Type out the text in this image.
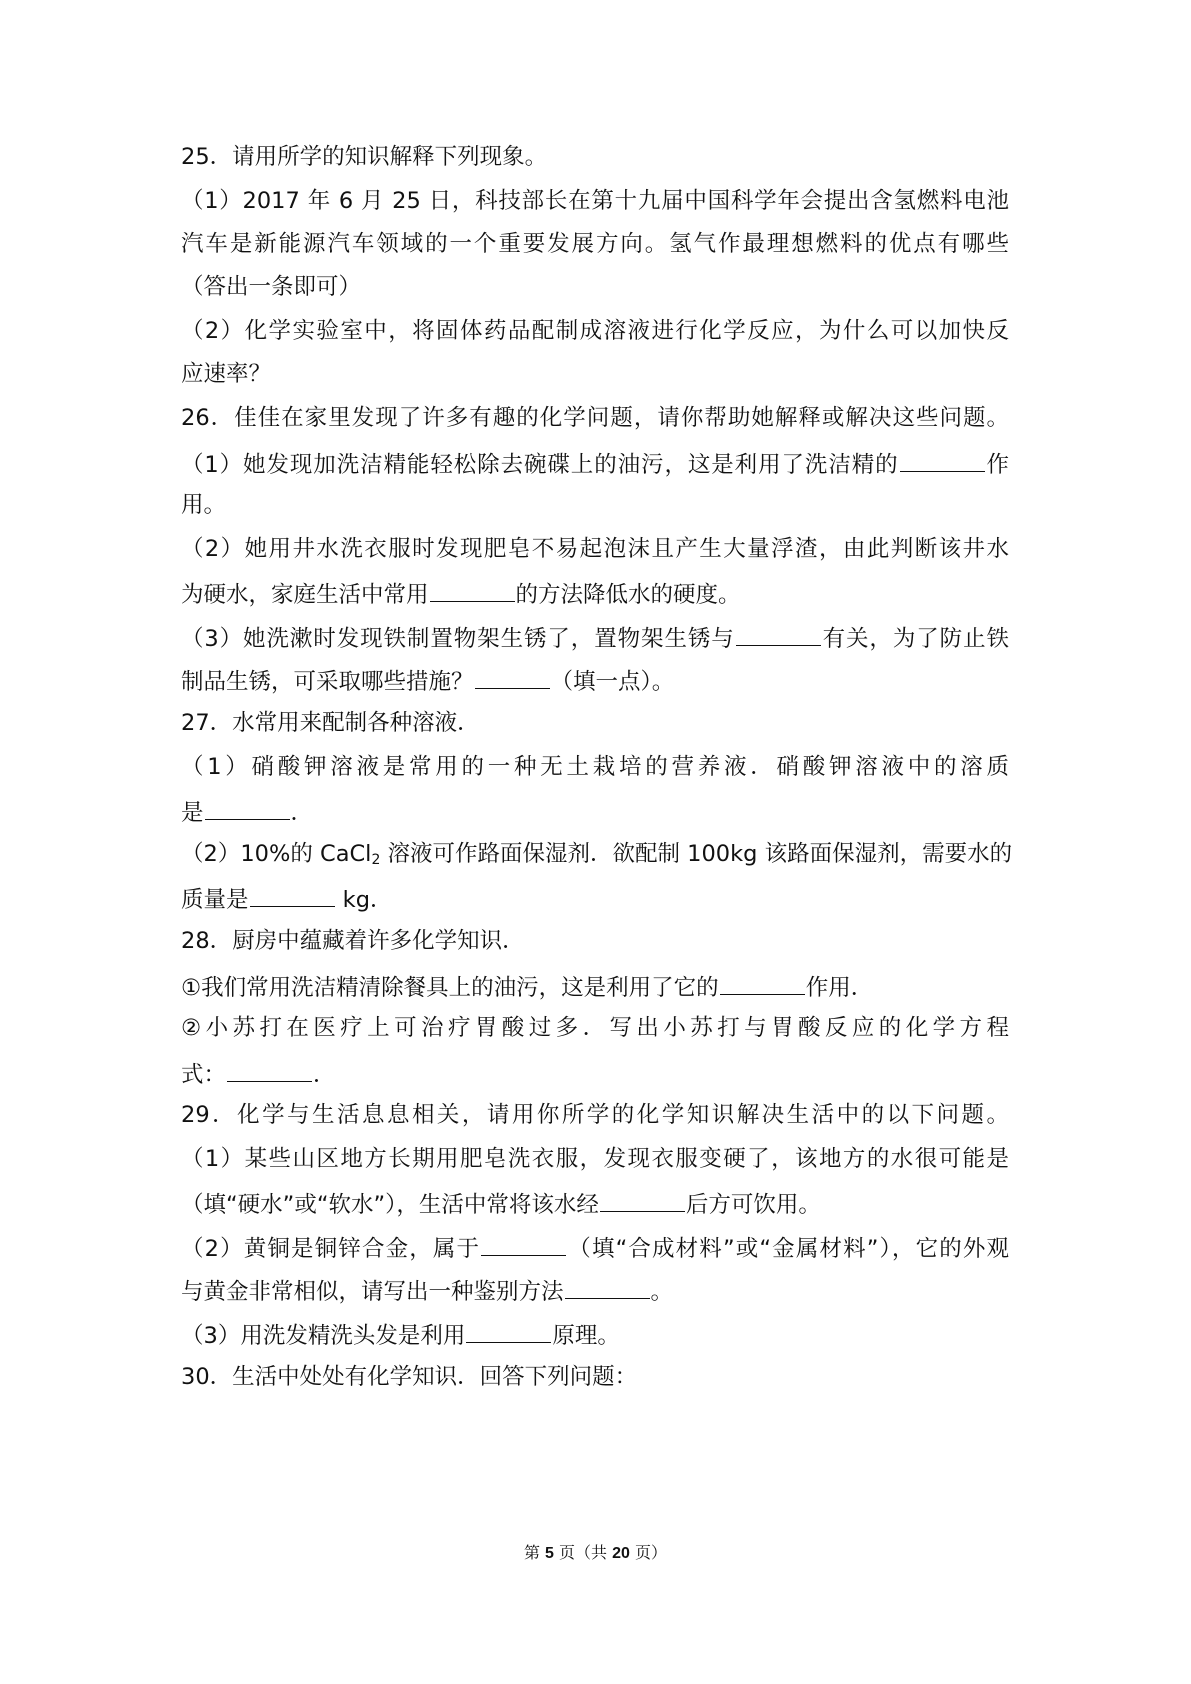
25．请用所学的知识解释下列现象。
（1）2017 年 6 月 25 日，科技部长在第十九届中国科学年会提出含氢燃料电池
汽车是新能源汽车领域的一个重要发展方向。氢气作最理想燃料的优点有哪些
（答出一条即可）
（2）化学实验室中，将固体药品配制成溶液进行化学反应，为什么可以加快反
应速率？
26．佳佳在家里发现了许多有趣的化学问题，请你帮助她解释或解决这些问题。
（1）她发现加洗洁精能轻松除去碗碟上的油污，这是利用了洗洁精的	作
用。
（2）她用井水洗衣服时发现肥皂不易起泡沫且产生大量浮渣，由此判断该井水
为硬水，家庭生活中常用	的方法降低水的硬度。
（3）她洗漱时发现铁制置物架生锈了，置物架生锈与	有关，为了防止铁
制品生锈，可采取哪些措施？	（填一点）。
27．水常用来配制各种溶液．
（1）硝酸钾溶液是常用的一种无土栽培的营养液．硝酸钾溶液中的溶质
是	．
（2）10%的 CaCl$_2$ 溶液可作路面保湿剂．欲配制 100kg 该路面保湿剂，需要水的
质量是	kg．
28．厨房中蕴藏着许多化学知识．
①我们常用洗洁精清除餐具上的油污，这是利用了它的	作用．
②小苏打在医疗上可治疗胃酸过多．写出小苏打与胃酸反应的化学方程
式：	．
29．化学与生活息息相关，请用你所学的化学知识解决生活中的以下问题。
（1）某些山区地方长期用肥皂洗衣服，发现衣服变硬了，该地方的水很可能是
（填“硬水”或“软水”），生活中常将该水经	后方可饮用。
（2）黄铜是铜锌合金，属于	（填“合成材料”或“金属材料”），它的外观
与黄金非常相似，请写出一种鉴别方法	。
（3）用洗发精洗头发是利用	原理。
30．生活中处处有化学知识．回答下列问题：
第 5 页（共 20 页）
